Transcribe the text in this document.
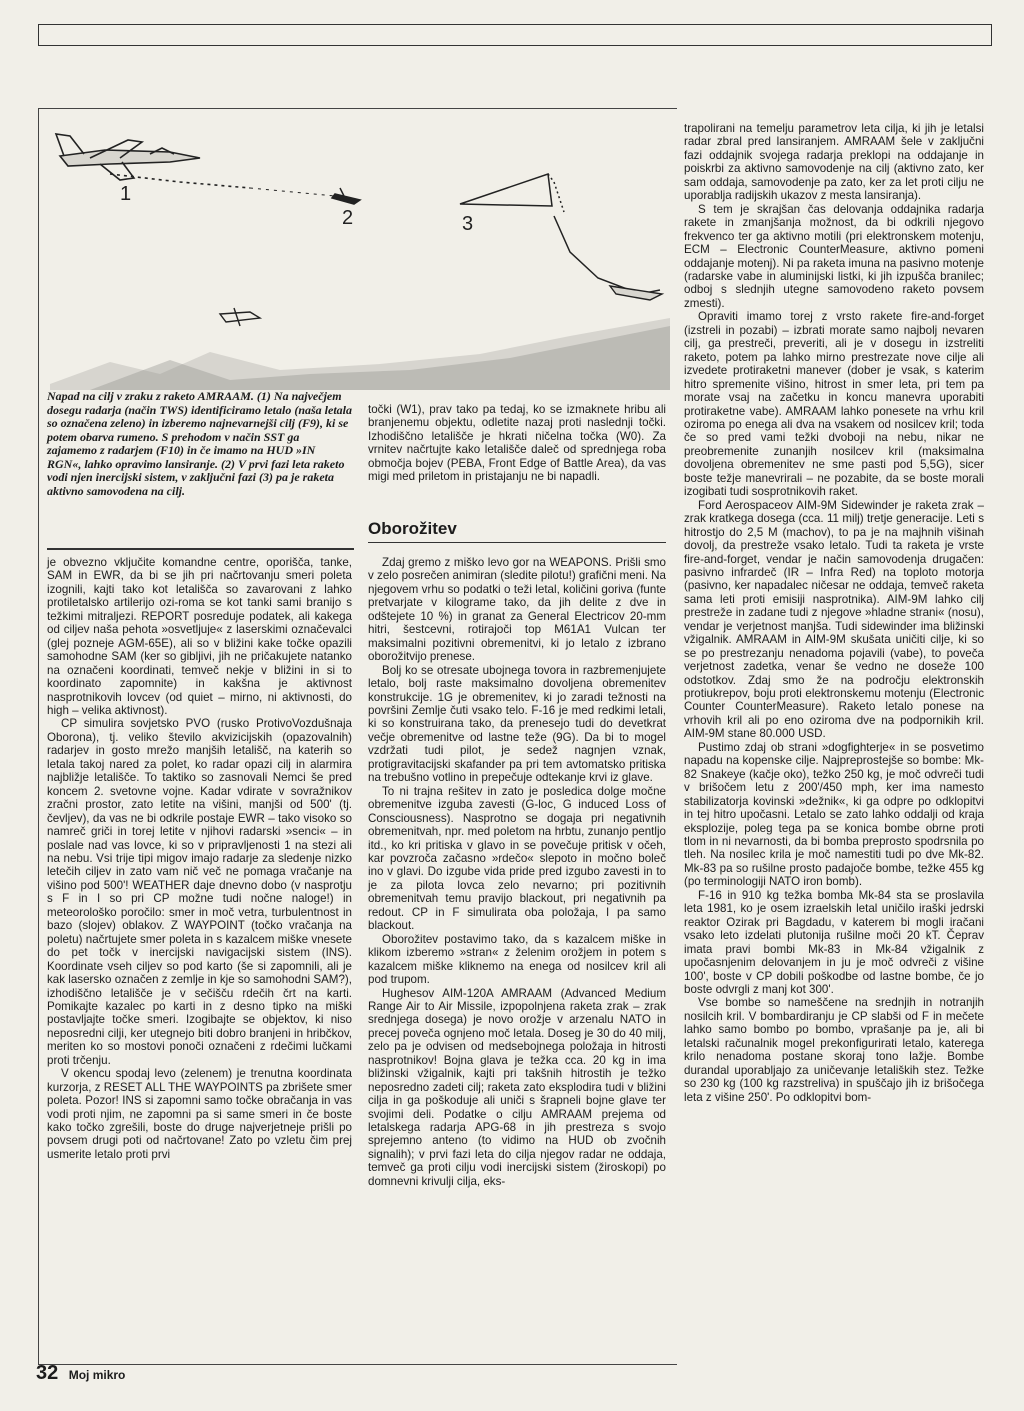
1
2	3

Napad na cilj v zraku z raketo AMRAAM. (1) Na največjem dosegu radarja (način TWS) identificiramo letalo (naša letala so označena zeleno) in izberemo najnevarnejši cilj (F9), ki se potem obarva rumeno. S prehodom v način SST ga zajamemo z radarjem (F10) in če imamo na HUD »IN RGN«, lahko opravimo lansiranje. (2) V prvi fazi leta raketo vodi njen inercijski sistem, v zaključni fazi (3) pa je raketa aktivno samovodena na cilj.

je obvezno vključite komandne centre, oporišča, tanke, SAM in EWR, da bi se jih pri načrtovanju smeri poleta izognili, kajti tako kot letališča so zavarovani z lahko protiletalsko artilerijo ozi-roma se kot tanki sami branijo s težkimi mitraljezi. REPORT posreduje podatek, ali kakega od ciljev naša pehota »osvetljuje« z laserskimi označevalci (glej pozneje AGM-65E), ali so v bližini kake točke opazili samohodne SAM (ker so gibljivi, jih ne pričakujete natanko na označeni koordinati, temveč nekje v bližini in si to koordinato zapomnite) in kakšna je aktivnost nasprotnikovih lovcev (od quiet – mirno, ni aktivnosti, do high – velika aktivnost).

CP simulira sovjetsko PVO (rusko ProtivoVozdušnaja Oborona), tj. veliko število akvizicijskih (opazovalnih) radarjev in gosto mrežo manjših letališč, na katerih so letala takoj nared za polet, ko radar opazi cilj in alarmira najbližje letališče. To taktiko so zasnovali Nemci še pred koncem 2. svetovne vojne. Kadar vdirate v sovražnikov zračni prostor, zato letite na višini, manjši od 500' (tj. čevljev), da vas ne bi odkrile postaje EWR – tako visoko so namreč griči in torej letite v njihovi radarski »senci« – in poslale nad vas lovce, ki so v pripravljenosti 1 na stezi ali na nebu. Vsi trije tipi migov imajo radarje za sledenje nizko letečih ciljev in zato vam nič več ne pomaga vračanje na višino pod 500'! WEATHER daje dnevno dobo (v nasprotju s F in I so pri CP možne tudi nočne naloge!) in meteorološko poročilo: smer in moč vetra, turbulentnost in bazo (slojev) oblakov. Z WAYPOINT (točko vračanja na poletu) načrtujete smer poleta in s kazalcem miške vnesete do pet točk v inercijski navigacijski sistem (INS). Koordinate vseh ciljev so pod karto (še si zapomnili, ali je kak lasersko označen z zemlje in kje so samohodni SAM?), izhodiščno letališče je v sečišču rdečih črt na karti. Pomikajte kazalec po karti in z desno tipko na miški postavljajte točke smeri. Izogibajte se objektov, ki niso neposredni cilji, ker utegnejo biti dobro branjeni in hribčkov, meriten ko so mostovi ponoči označeni z rdečimi lučkami proti trčenju.

V okencu spodaj levo (zelenem) je trenutna koordinata kurzorja, z RESET ALL THE WAYPOINTS pa zbrišete smer poleta. Pozor! INS si zapomni samo točke obračanja in vas vodi proti njim, ne zapomni pa si same smeri in če boste kako točko zgrešili, boste do druge najverjetneje prišli po povsem drugi poti od načrtovane! Zato po vzletu čim prej usmerite letalo proti prvi

točki (W1), prav tako pa tedaj, ko se izmaknete hribu ali branjenemu objektu, odletite nazaj proti naslednji točki. Izhodiščno letališče je hkrati ničelna točka (W0). Za vrnitev načrtujte kako letališče daleč od sprednjega roba območja bojev (PEBA, Front Edge of Battle Area), da vas migi med priletom in pristajanju ne bi napadli.

Oborožitev

Zdaj gremo z miško levo gor na WEAPONS. Prišli smo v zelo posrečen animiran (sledite pilotu!) grafični meni. Na njegovem vrhu so podatki o teži letal, količini goriva (funte pretvarjate v kilograme tako, da jih delite z dve in odštejete 10 %) in granat za General Electricov 20-mm hitri, šestcevni, rotirajoči top M61A1 Vulcan ter maksimalni pozitivni obremenitvi, ki jo letalo z izbrano oborožitvijo prenese.

Bolj ko se otresate ubojnega tovora in razbremenjujete letalo, bolj raste maksimalno dovoljena obremenitev konstrukcije. 1G je obremenitev, ki jo zaradi težnosti na površini Zemlje čuti vsako telo. F-16 je med redkimi letali, ki so konstruirana tako, da prenesejo tudi do devetkrat večje obremenitve od lastne teže (9G). Da bi to mogel vzdržati tudi pilot, je sedež nagnjen vznak, protigravitacijski skafander pa pri tem avtomatsko pritiska na trebušno votlino in prepečuje odtekanje krvi iz glave.

To ni trajna rešitev in zato je posledica dolge močne obremenitve izguba zavesti (G-loc, G induced Loss of Consciousness). Nasprotno se dogaja pri negativnih obremenitvah, npr. med poletom na hrbtu, zunanjo pentljo itd., ko kri pritiska v glavo in se povečuje pritisk v očeh, kar povzroča začasno »rdečo« slepoto in močno boleč ino v glavi. Do izgube vida pride pred izgubo zavesti in to je za pilota lovca zelo nevarno; pri pozitivnih obremenitvah temu pravijo blackout, pri negativnih pa redout. CP in F simulirata oba položaja, I pa samo blackout.

Oborožitev postavimo tako, da s kazalcem miške in klikom izberemo »stran« z želenim orožjem in potem s kazalcem miške kliknemo na enega od nosilcev kril ali pod trupom.

Hughesov AIM-120A AMRAAM (Advanced Medium Range Air to Air Missile, izpopolnjena raketa zrak – zrak srednjega dosega) je novo orožje v arzenalu NATO in precej poveča ognjeno moč letala. Doseg je 30 do 40 milj, zelo pa je odvisen od medsebojnega položaja in hitrosti nasprotnikov! Bojna glava je težka cca. 20 kg in ima bližinski vžigalnik, kajti pri takšnih hitrostih je težko neposredno zadeti cilj; raketa zato eksplodira tudi v bližini cilja in ga poškoduje ali uniči s šrapneli bojne glave ter svojimi deli. Podatke o cilju AMRAAM prejema od letalskega radarja APG-68 in jih prestreza s svojo sprejemno anteno (to vidimo na HUD ob zvočnih signalih); v prvi fazi leta do cilja njegov radar ne oddaja, temveč ga proti cilju vodi inercijski sistem (žiroskopi) po domnevni krivulji cilja, eks-

trapolirani na temelju parametrov leta cilja, ki jih je letalsi radar zbral pred lansiranjem. AMRAAM šele v zaključni fazi oddajnik svojega radarja preklopi na oddajanje in poiskrbi za aktivno samovodenje na cilj (aktivno zato, ker sam oddaja, samovodenje pa zato, ker za let proti cilju ne uporablja radijskih ukazov z mesta lansiranja).

S tem je skrajšan čas delovanja oddajnika radarja rakete in zmanjšanja možnost, da bi odkrili njegovo frekvenco ter ga aktivno motili (pri elektronskem motenju, ECM – Electronic CounterMeasure, aktivno pomeni oddajanje motenj). Ni pa raketa imuna na pasivno motenje (radarske vabe in aluminijski listki, ki jih izpušča branilec; odboj s slednjih utegne samovodeno raketo povsem zmesti).

Opraviti imamo torej z vrsto rakete fire-and-forget (izstreli in pozabi) – izbrati morate samo najbolj nevaren cilj, ga prestreči, preveriti, ali je v dosegu in izstreliti raketo, potem pa lahko mirno prestrezate nove cilje ali izvedete protiraketni manever (dober je vsak, s katerim hitro spremenite višino, hitrost in smer leta, pri tem pa morate vsaj na začetku in koncu manevra uporabiti protiraketne vabe). AMRAAM lahko ponesete na vrhu kril oziroma po enega ali dva na vsakem od nosilcev kril; toda če so pred vami težki dvoboji na nebu, nikar ne preobremenite zunanjih nosilcev kril (maksimalna dovoljena obremenitev ne sme pasti pod 5,5G), sicer boste težje manevrirali – ne pozabite, da se boste morali izogibati tudi sosprotnikovih raket.

Ford Aerospaceov AIM-9M Sidewinder je raketa zrak – zrak kratkega dosega (cca. 11 milj) tretje generacije. Leti s hitrostjo do 2,5 M (machov), to pa je na majhnih višinah dovolj, da prestreže vsako letalo. Tudi ta raketa je vrste fire-and-forget, vendar je način samovodenja drugačen: pasivno infrardeč (IR – Infra Red) na toploto motorja (pasivno, ker napadalec ničesar ne oddaja, temveč raketa sama leti proti emisiji nasprotnika). AIM-9M lahko cilj prestreže in zadane tudi z njegove »hladne strani« (nosu), vendar je verjetnost manjša. Tudi sidewinder ima bližinski vžigalnik. AMRAAM in AIM-9M skušata uničiti cilje, ki so se po prestrezanju nenadoma pojavili (vabe), to poveča verjetnost zadetka, venar še vedno ne doseže 100 odstotkov. Zdaj smo že na področju elektronskih protiukrepov, boju proti elektronskemu motenju (Electronic Counter CounterMeasure). Raketo letalo ponese na vrhovih kril ali po eno oziroma dve na podpornikih kril. AIM-9M stane 80.000 USD.

Pustimo zdaj ob strani »dogfighterje« in se posvetimo napadu na kopenske cilje. Najpreprostejše so bombe: Mk-82 Snakeye (kačje oko), težko 250 kg, je moč odvreči tudi v brišočem letu z 200'/450 mph, ker ima namesto stabilizatorja kovinski »dežnik«, ki ga odpre po odklopitvi in tej hitro upočasni. Letalo se zato lahko oddalji od kraja eksplozije, poleg tega pa se konica bombe obrne proti tlom in ni nevarnosti, da bi bomba preprosto spodrsnila po tleh. Na nosilec krila je moč namestiti tudi po dve Mk-82. Mk-83 pa so rušilne prosto padajoče bombe, težke 455 kg (po terminologiji NATO iron bomb).

F-16 in 910 kg težka bomba Mk-84 sta se proslavila leta 1981, ko je osem izraelskih letal uničilo iraški jedrski reaktor Ozirak pri Bagdadu, v katerem bi mogli iračani vsako leto izdelati plutonija rušilne moči 20 kT. Čeprav imata pravi bombi Mk-83 in Mk-84 vžigalnik z upočasnjenim delovanjem in ju je moč odvreči z višine 100', boste v CP dobili poškodbe od lastne bombe, če jo boste odvrgli z manj kot 300'.

Vse bombe so nameščene na srednjih in notranjih nosilcih kril. V bombardiranju je CP slabši od F in mečete lahko samo bombo po bombo, vprašanje pa je, ali bi letalski računalnik mogel prekonfigurirati letalo, katerega krilo nenadoma postane skoraj tono lažje. Bombe durandal uporabljajo za uničevanje letaliških stez. Težke so 230 kg (100 kg razstreliva) in spuščajo jih iz brišočega leta z višine 250'. Po odklopitvi bom-

32 Moj mikro
